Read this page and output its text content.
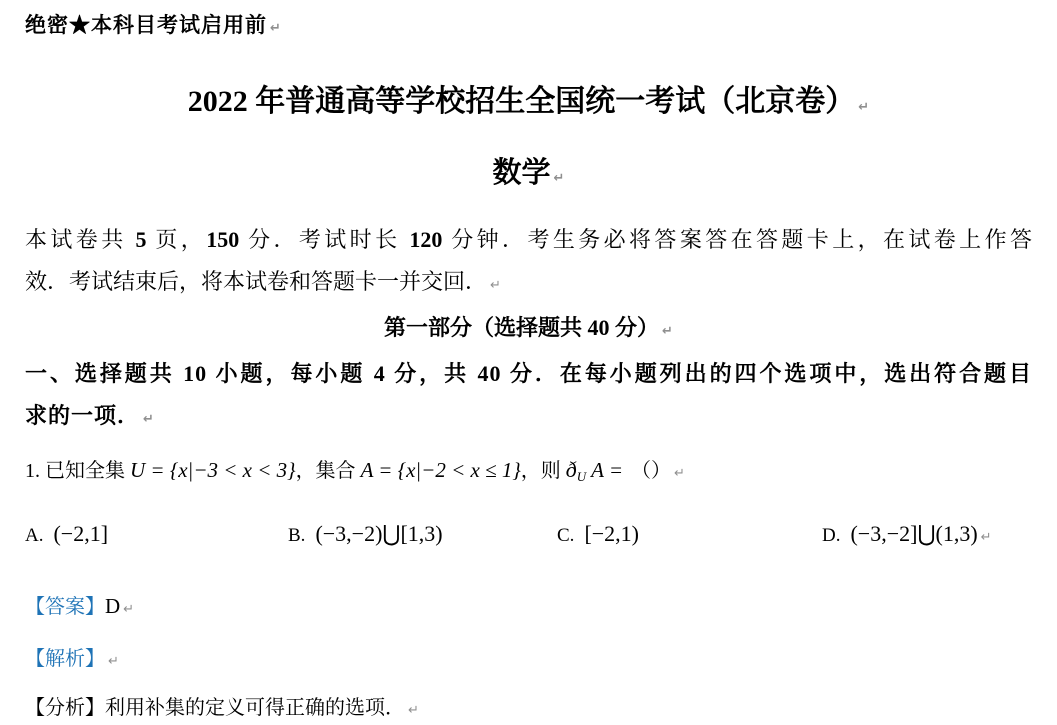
绝密★本科目考试启用前 ↵
2022 年普通高等学校招生全国统一考试（北京卷） ↵
数学 ↵
本试卷共 5 页，150 分．考试时长 120 分钟．考生务必将答案答在答题卡上，在试卷上作答
效．考试结束后，将本试卷和答题卡一并交回． ↵
第一部分（选择题共 40 分） ↵
一、选择题共 10 小题，每小题 4 分，共 40 分．在每小题列出的四个选项中，选出符合题目
求的一项． ↵
1. 已知全集 U = {x|−3 < x < 3}，集合 A = {x|−2 < x ≤ 1}，则 $ð_U$ A = （） ↵
A. (−2,1]	B. (−3,−2)⋃[1,3)	C. [−2,1)	D. (−3,−2]⋃(1,3) ↵
【答案】D ↵
【解析】 ↵
【分析】利用补集的定义可得正确的选项． ↵
